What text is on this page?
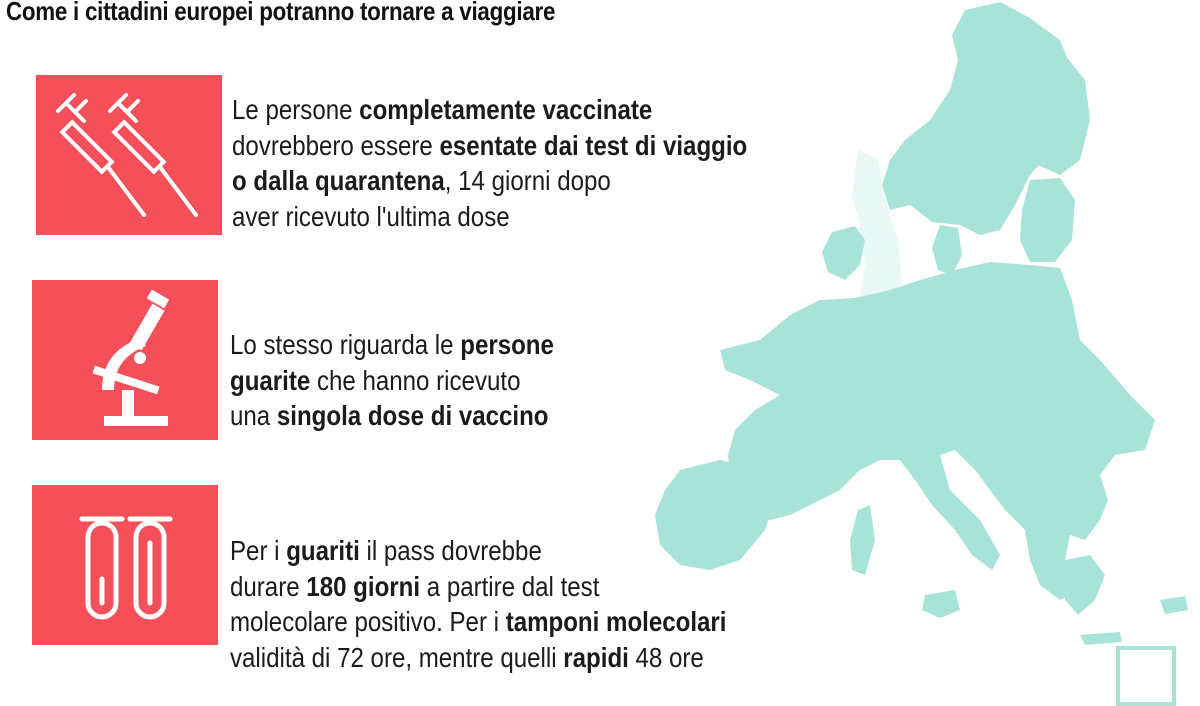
Come i cittadini europei potranno tornare a viaggiare
Le persone completamente vaccinate
dovrebbero essere esentate dai test di viaggio
o dalla quarantena, 14 giorni dopo
aver ricevuto l'ultima dose
Lo stesso riguarda le persone
guarite che hanno ricevuto
una singola dose di vaccino
Per i guariti il pass dovrebbe
durare 180 giorni a partire dal test
molecolare positivo. Per i tamponi molecolari
validità di 72 ore, mentre quelli rapidi 48 ore
